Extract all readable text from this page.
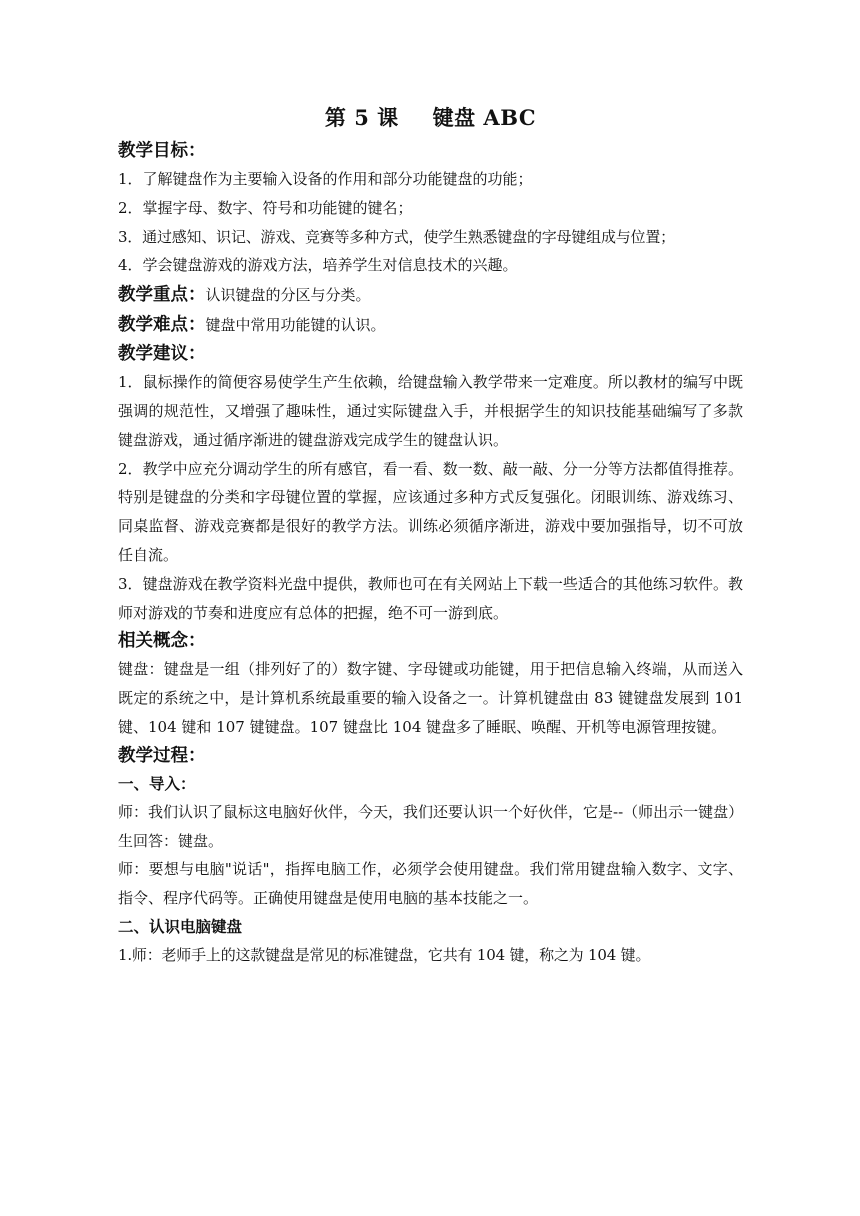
第 5 课 键盘 ABC
教学目标：

1．了解键盘作为主要输入设备的作用和部分功能键盘的功能；

2．掌握字母、数字、符号和功能键的键名；

3．通过感知、识记、游戏、竞赛等多种方式，使学生熟悉键盘的字母键组成与位置；

4．学会键盘游戏的游戏方法，培养学生对信息技术的兴趣。

教学重点：认识键盘的分区与分类。
教学难点：键盘中常用功能键的认识。
教学建议：

1．鼠标操作的简便容易使学生产生依赖，给键盘输入教学带来一定难度。所以教材的编写中既强调的规范性，又增强了趣味性，通过实际键盘入手，并根据学生的知识技能基础编写了多款键盘游戏，通过循序渐进的键盘游戏完成学生的键盘认识。

2．教学中应充分调动学生的所有感官，看一看、数一数、敲一敲、分一分等方法都值得推荐。特别是键盘的分类和字母键位置的掌握，应该通过多种方式反复强化。闭眼训练、游戏练习、同桌监督、游戏竞赛都是很好的教学方法。训练必须循序渐进，游戏中要加强指导，切不可放任自流。

3．键盘游戏在教学资料光盘中提供，教师也可在有关网站上下载一些适合的其他练习软件。教师对游戏的节奏和进度应有总体的把握，绝不可一游到底。

相关概念：

键盘：键盘是一组（排列好了的）数字键、字母键或功能键，用于把信息输入终端，从而送入既定的系统之中，是计算机系统最重要的输入设备之一。计算机键盘由 83 键键盘发展到 101 键、104 键和 107 键键盘。107 键盘比 104 键盘多了睡眠、唤醒、开机等电源管理按键。

教学过程：
一、导入：

师：我们认识了鼠标这电脑好伙伴，今天，我们还要认识一个好伙伴，它是--（师出示一键盘）

生回答：键盘。

师：要想与电脑"说话"，指挥电脑工作，必须学会使用键盘。我们常用键盘输入数字、文字、指令、程序代码等。正确使用键盘是使用电脑的基本技能之一。

二、认识电脑键盘

1.师：老师手上的这款键盘是常见的标准键盘，它共有 104 键，称之为 104 键。
